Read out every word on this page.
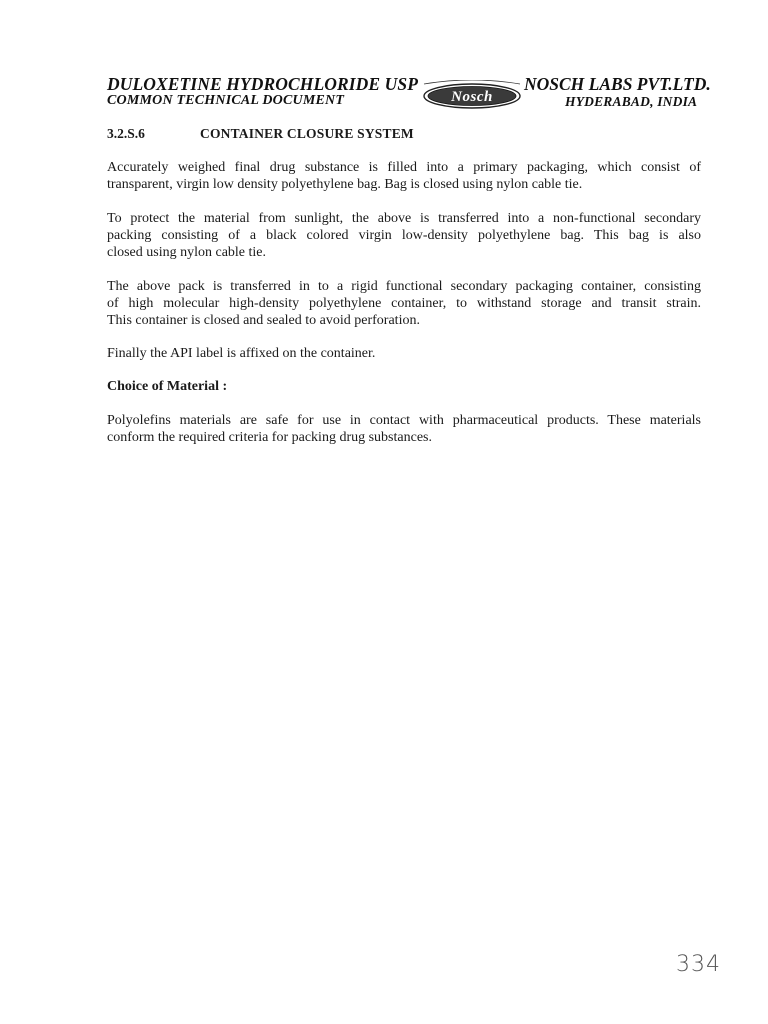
DULOXETINE HYDROCHLORIDE USP
COMMON TECHNICAL DOCUMENT
NOSCH LABS PVT.LTD.
HYDERABAD, INDIA
Nosch
3.2.S.6	CONTAINER CLOSURE SYSTEM
Accurately weighed final drug substance is filled into a primary packaging, which consist of
transparent, virgin low density polyethylene bag. Bag is closed using nylon cable tie.
To protect the material from sunlight, the above is transferred into a non-functional secondary
packing consisting of a black colored virgin low-density polyethylene bag. This bag is also
closed using nylon cable tie.
The above pack is transferred in to a rigid functional secondary packaging container, consisting
of high molecular high-density polyethylene container, to withstand storage and transit strain.
This container is closed and sealed to avoid perforation.
Finally the API label is affixed on the container.
Choice of Material :
Polyolefins materials are safe for use in contact with pharmaceutical products. These materials
conform the required criteria for packing drug substances.
334
